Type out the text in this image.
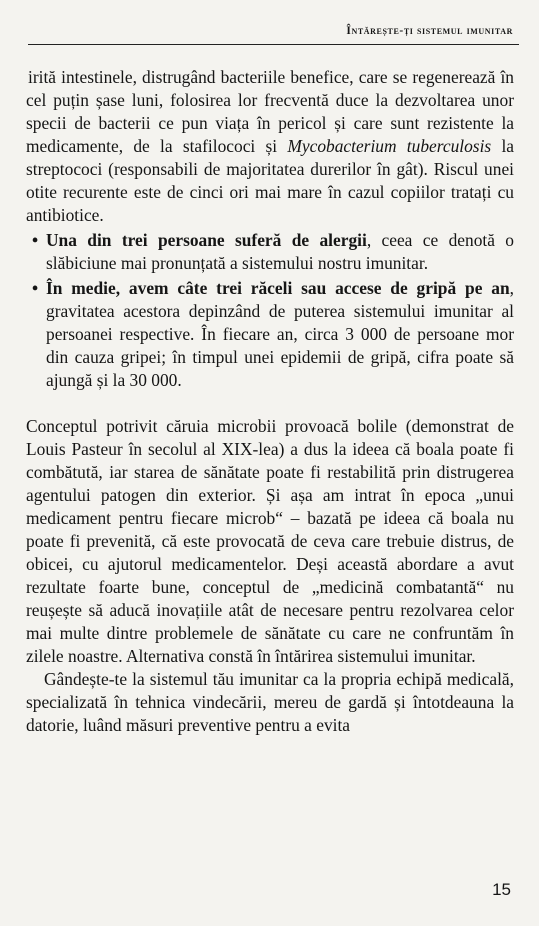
Întărește-ți sistemul imunitar

irită intestinele, distrugând bacteriile benefice, care se regenerează în cel puțin șase luni, folosirea lor frecventă duce la dezvoltarea unor specii de bacterii ce pun viața în pericol și care sunt rezistente la medicamente, de la stafilococi și Mycobacterium tuberculosis la streptococi (responsabili de majoritatea durerilor în gât). Riscul unei otite recurente este de cinci ori mai mare în cazul copiilor tratați cu antibiotice.

• Una din trei persoane suferă de alergii, ceea ce denotă o slăbiciune mai pronunțată a sistemului nostru imunitar.
• În medie, avem câte trei răceli sau accese de gripă pe an, gravitatea acestora depinzând de puterea sistemului imunitar al persoanei respective. În fiecare an, circa 3 000 de persoane mor din cauza gripei; în timpul unei epidemii de gripă, cifra poate să ajungă și la 30 000.

Conceptul potrivit căruia microbii provoacă bolile (demonstrat de Louis Pasteur în secolul al XIX-lea) a dus la ideea că boala poate fi combătută, iar starea de sănătate poate fi restabilită prin distrugerea agentului patogen din exterior. Și așa am intrat în epoca „unui medicament pentru fiecare microb“ – bazată pe ideea că boala nu poate fi prevenită, că este provocată de ceva care trebuie distrus, de obicei, cu ajutorul medicamentelor. Deși această abordare a avut rezultate foarte bune, conceptul de „medicină combatantă“ nu reușește să aducă inovațiile atât de necesare pentru rezolvarea celor mai multe dintre problemele de sănătate cu care ne confruntăm în zilele noastre. Alternativa constă în întărirea sistemului imunitar.

Gândește-te la sistemul tău imunitar ca la propria echipă medicală, specializată în tehnica vindecării, mereu de gardă și întotdeauna la datorie, luând măsuri preventive pentru a evita

15
